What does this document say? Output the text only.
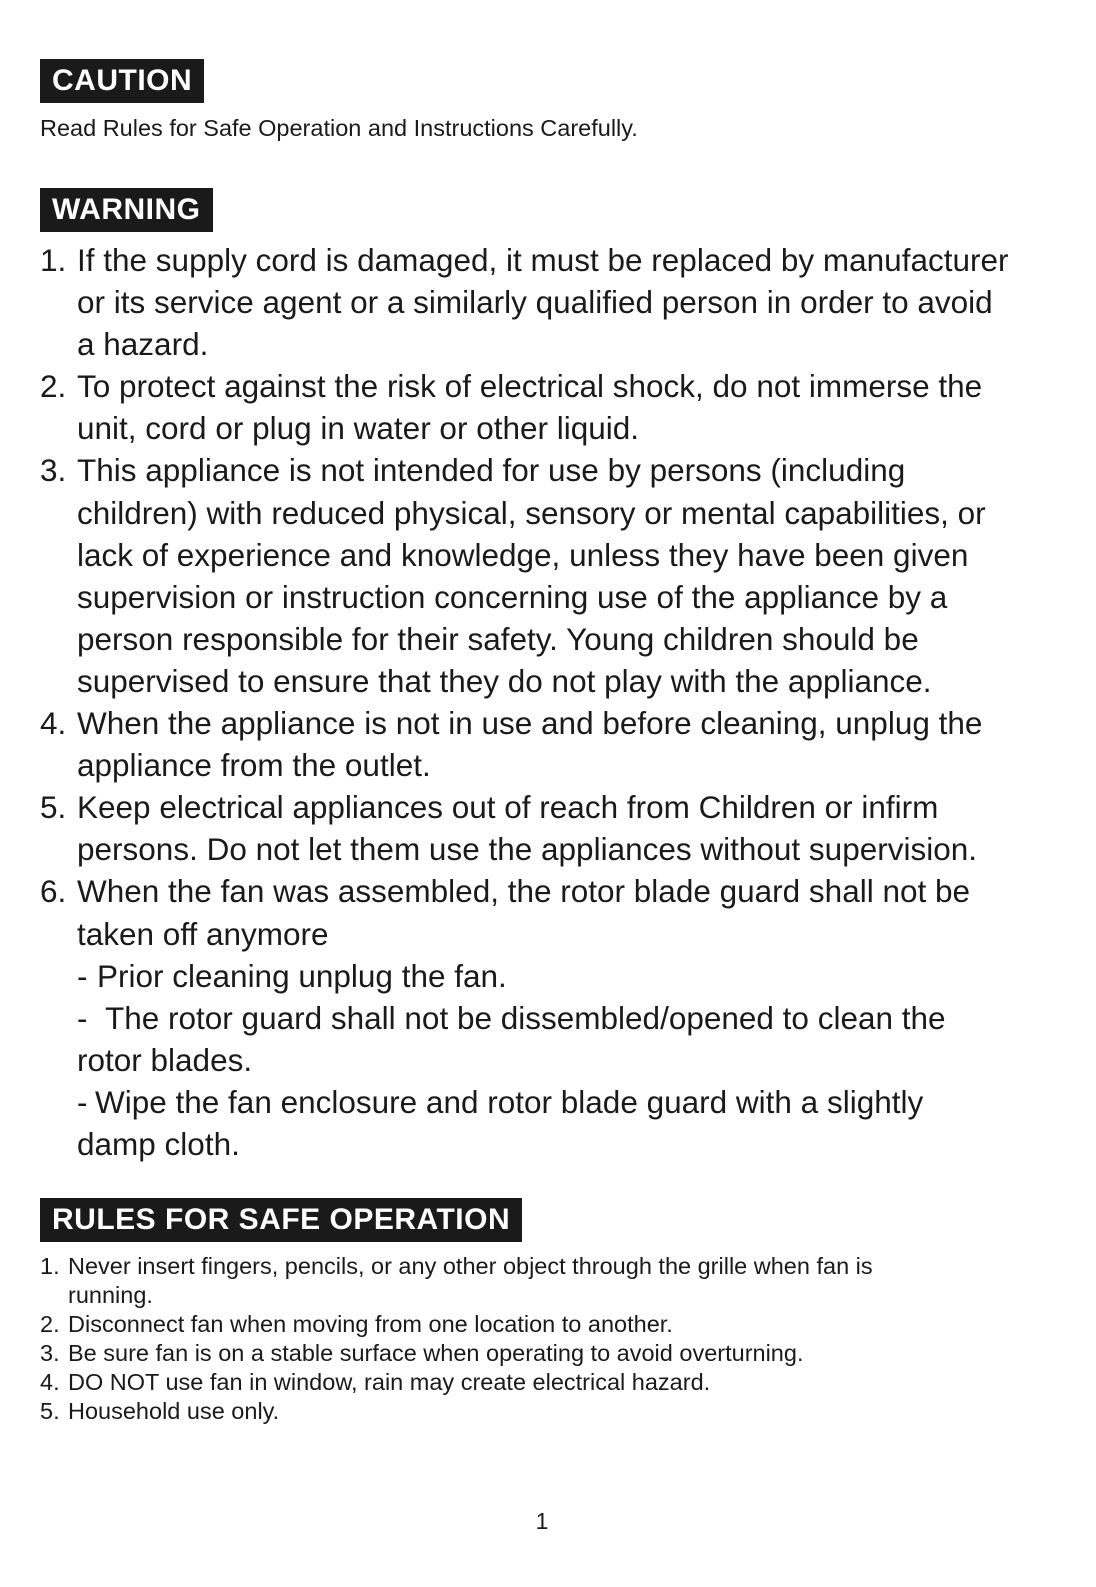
CAUTION
Read Rules for Safe Operation and Instructions Carefully.
WARNING
1. If the supply cord is damaged, it must be replaced by manufacturer
or its service agent or a similarly qualified person in order to avoid
a hazard.
2. To protect against the risk of electrical shock, do not immerse the
unit, cord or plug in water or other liquid.
3. This appliance is not intended for use by persons (including
children) with reduced physical, sensory or mental capabilities, or
lack of experience and knowledge, unless they have been given
supervision or instruction concerning use of the appliance by a
person responsible for their safety. Young children should be
supervised to ensure that they do not play with the appliance.
4. When the appliance is not in use and before cleaning, unplug the
appliance from the outlet.
5. Keep electrical appliances out of reach from Children or infirm
persons. Do not let them use the appliances without supervision.
6. When the fan was assembled, the rotor blade guard shall not be
taken off anymore
- Prior cleaning unplug the fan.
- The rotor guard shall not be dissembled/opened to clean the
rotor blades.
- Wipe the fan enclosure and rotor blade guard with a slightly
damp cloth.
RULES FOR SAFE OPERATION
1. Never insert fingers, pencils, or any other object through the grille when fan is
running.
2. Disconnect fan when moving from one location to another.
3. Be sure fan is on a stable surface when operating to avoid overturning.
4. DO NOT use fan in window, rain may create electrical hazard.
5. Household use only.
1
